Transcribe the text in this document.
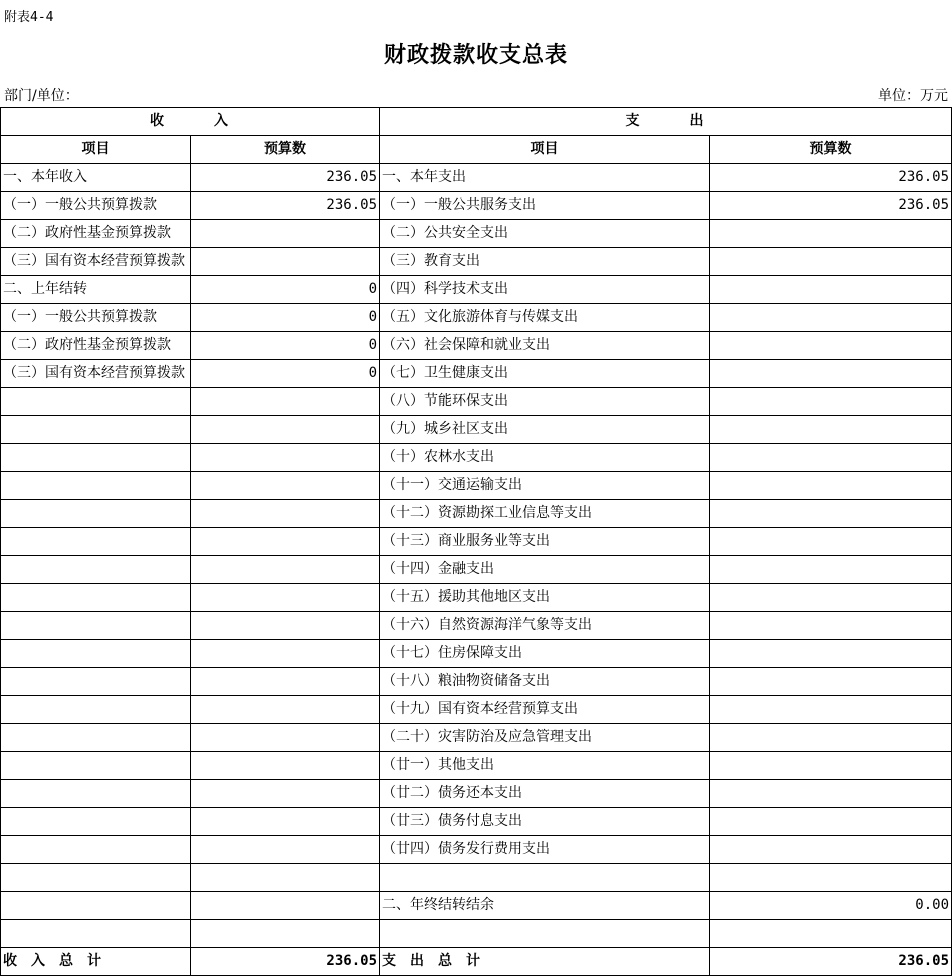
附表4-4
财政拨款收支总表
部门/单位：	单位：万元
收　　　入		支　　　出	
项目	预算数	项目	预算数
一、本年收入	236.05	一、本年支出	236.05
（一）一般公共预算拨款	236.05	（一）一般公共服务支出	236.05
（二）政府性基金预算拨款		（二）公共安全支出	
（三）国有资本经营预算拨款		（三）教育支出	
二、上年结转	0	（四）科学技术支出	
（一）一般公共预算拨款	0	（五）文化旅游体育与传媒支出	
（二）政府性基金预算拨款	0	（六）社会保障和就业支出	
（三）国有资本经营预算拨款	0	（七）卫生健康支出	
		（八）节能环保支出	
		（九）城乡社区支出	
		（十）农林水支出	
		（十一）交通运输支出	
		（十二）资源勘探工业信息等支出	
		（十三）商业服务业等支出	
		（十四）金融支出	
		（十五）援助其他地区支出	
		（十六）自然资源海洋气象等支出	
		（十七）住房保障支出	
		（十八）粮油物资储备支出	
		（十九）国有资本经营预算支出	
		（二十）灾害防治及应急管理支出	
		（廿一）其他支出	
		（廿二）债务还本支出	
		（廿三）债务付息支出	
		（廿四）债务发行费用支出	

		二、年终结转结余	0.00

收　入　总　计	236.05	支　出　总　计	236.05
